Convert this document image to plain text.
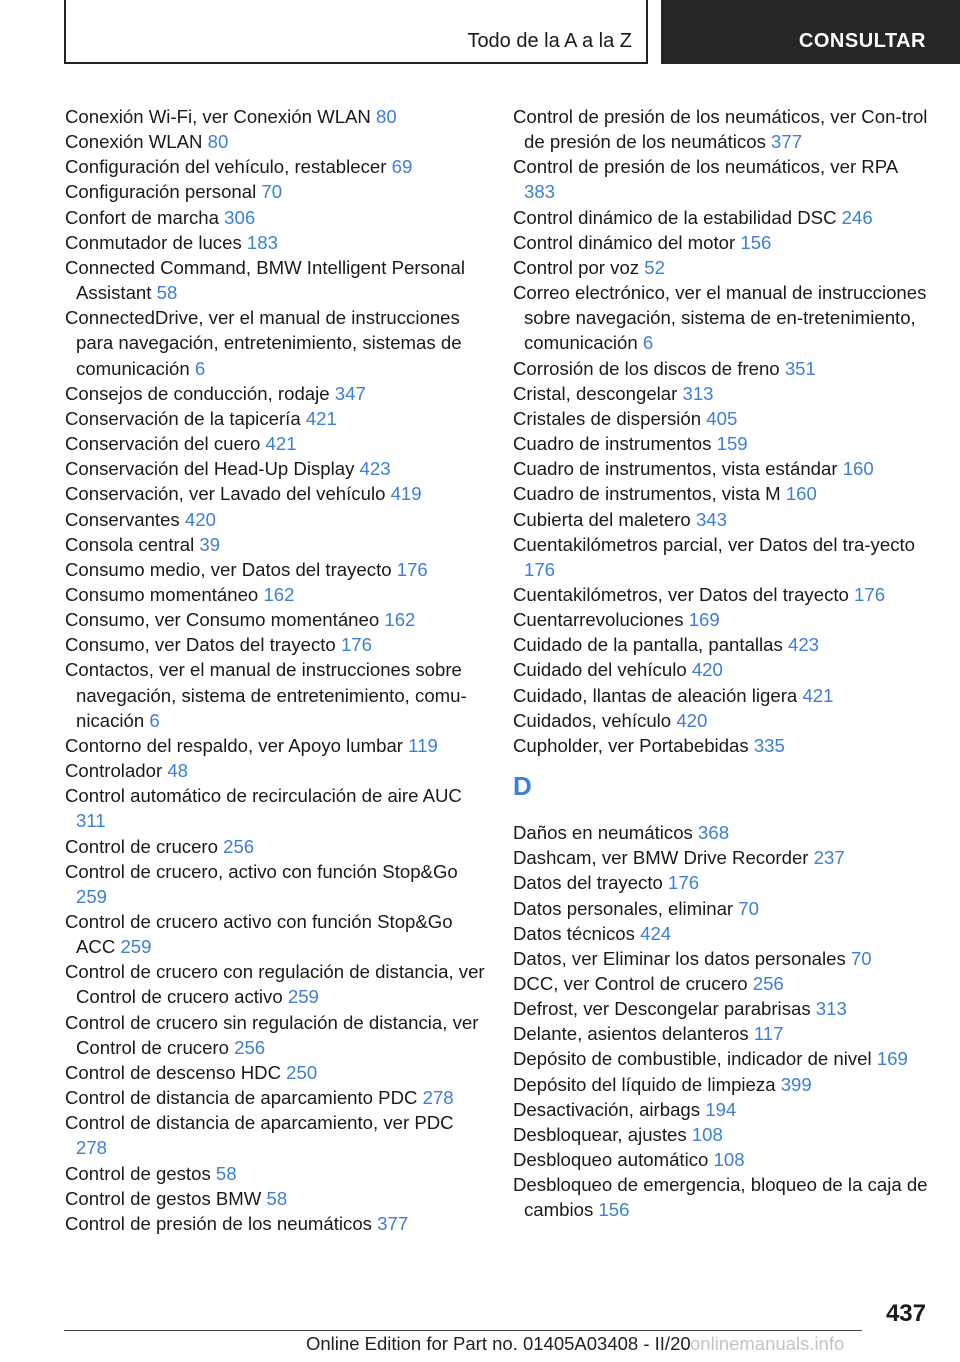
Todo de la A a la Z	CONSULTAR
Conexión Wi-Fi, ver Conexión WLAN 80
Conexión WLAN 80
Configuración del vehículo, restablecer 69
Configuración personal 70
Confort de marcha 306
Conmutador de luces 183
Connected Command, BMW Intelligent Personal Assistant 58
ConnectedDrive, ver el manual de instrucciones para navegación, entretenimiento, sistemas de comunicación 6
Consejos de conducción, rodaje 347
Conservación de la tapicería 421
Conservación del cuero 421
Conservación del Head-Up Display 423
Conservación, ver Lavado del vehículo 419
Conservantes 420
Consola central 39
Consumo medio, ver Datos del trayecto 176
Consumo momentáneo 162
Consumo, ver Consumo momentáneo 162
Consumo, ver Datos del trayecto 176
Contactos, ver el manual de instrucciones sobre navegación, sistema de entretenimiento, comu-nicación 6
Contorno del respaldo, ver Apoyo lumbar 119
Controlador 48
Control automático de recirculación de aire AUC 311
Control de crucero 256
Control de crucero, activo con función Stop&Go 259
Control de crucero activo con función Stop&Go ACC 259
Control de crucero con regulación de distancia, ver Control de crucero activo 259
Control de crucero sin regulación de distancia, ver Control de crucero 256
Control de descenso HDC 250
Control de distancia de aparcamiento PDC 278
Control de distancia de aparcamiento, ver PDC 278
Control de gestos 58
Control de gestos BMW 58
Control de presión de los neumáticos 377
Control de presión de los neumáticos, ver Con-trol de presión de los neumáticos 377
Control de presión de los neumáticos, ver RPA 383
Control dinámico de la estabilidad DSC 246
Control dinámico del motor 156
Control por voz 52
Correo electrónico, ver el manual de instrucciones sobre navegación, sistema de en-tretenimiento, comunicación 6
Corrosión de los discos de freno 351
Cristal, descongelar 313
Cristales de dispersión 405
Cuadro de instrumentos 159
Cuadro de instrumentos, vista estándar 160
Cuadro de instrumentos, vista M 160
Cubierta del maletero 343
Cuentakilómetros parcial, ver Datos del tra-yecto 176
Cuentakilómetros, ver Datos del trayecto 176
Cuentarrevoluciones 169
Cuidado de la pantalla, pantallas 423
Cuidado del vehículo 420
Cuidado, llantas de aleación ligera 421
Cuidados, vehículo 420
Cupholder, ver Portabebidas 335
D
Daños en neumáticos 368
Dashcam, ver BMW Drive Recorder 237
Datos del trayecto 176
Datos personales, eliminar 70
Datos técnicos 424
Datos, ver Eliminar los datos personales 70
DCC, ver Control de crucero 256
Defrost, ver Descongelar parabrisas 313
Delante, asientos delanteros 117
Depósito de combustible, indicador de nivel 169
Depósito del líquido de limpieza 399
Desactivación, airbags 194
Desbloquear, ajustes 108
Desbloqueo automático 108
Desbloqueo de emergencia, bloqueo de la caja de cambios 156
437
Online Edition for Part no. 01405A03408 - II/20 onlinemanuals.info
